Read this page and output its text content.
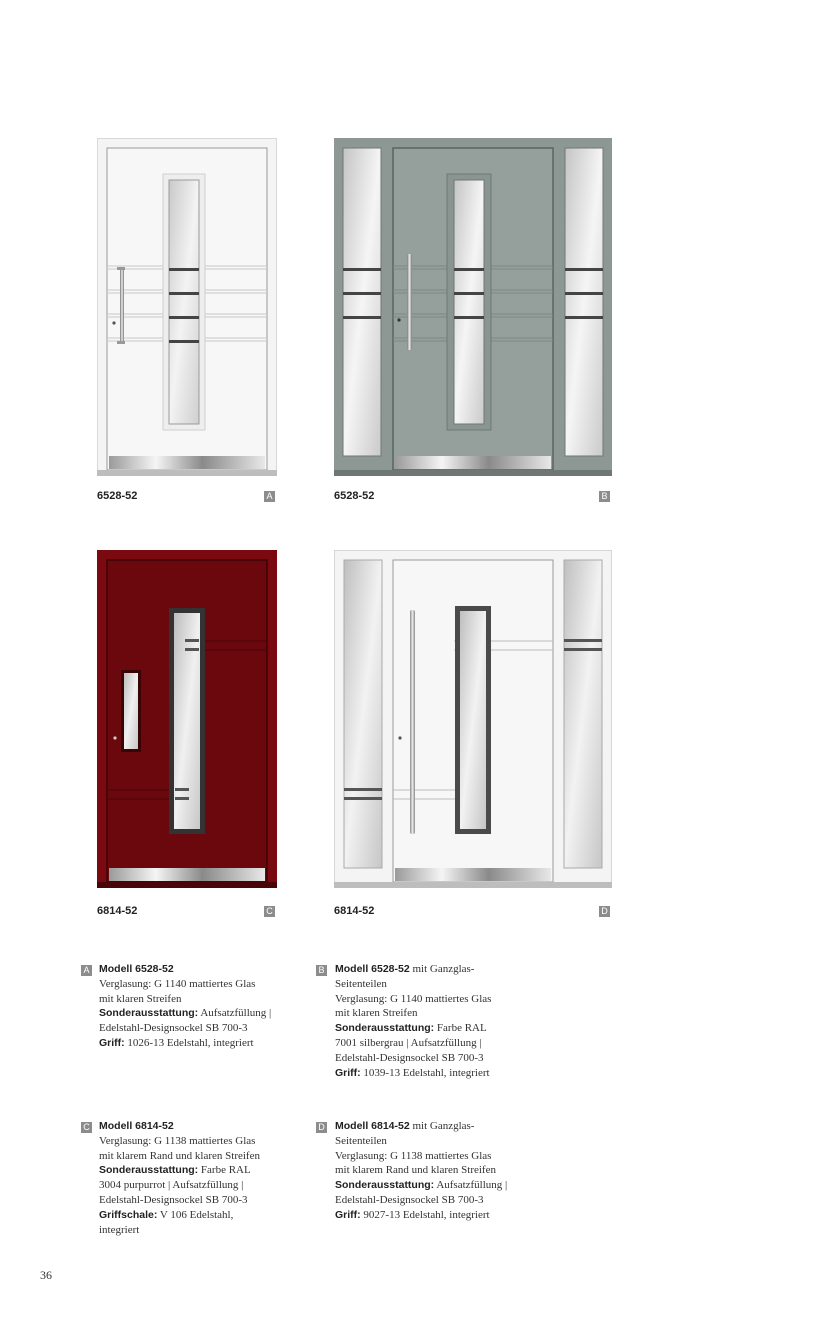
6528-52	A	6528-52	B
6814-52	C	6814-52	D
A Modell 6528-52
Verglasung: G 1140 mattiertes Glas
mit klaren Streifen
Sonderausstattung: Aufsatzfüllung |
Edelstahl-Designsockel SB 700-3
Griff: 1026-13 Edelstahl, integriert
B Modell 6528-52 mit Ganzglas-
Seitenteilen
Verglasung: G 1140 mattiertes Glas
mit klaren Streifen
Sonderausstattung: Farbe RAL
7001 silbergrau | Aufsatzfüllung |
Edelstahl-Designsockel SB 700-3
Griff: 1039-13 Edelstahl, integriert
C Modell 6814-52
Verglasung: G 1138 mattiertes Glas
mit klarem Rand und klaren Streifen
Sonderausstattung: Farbe RAL
3004 purpurrot | Aufsatzfüllung |
Edelstahl-Designsockel SB 700-3
Griffschale: V 106 Edelstahl,
integriert
D Modell 6814-52 mit Ganzglas-
Seitenteilen
Verglasung: G 1138 mattiertes Glas
mit klarem Rand und klaren Streifen
Sonderausstattung: Aufsatzfüllung |
Edelstahl-Designsockel SB 700-3
Griff: 9027-13 Edelstahl, integriert
36
